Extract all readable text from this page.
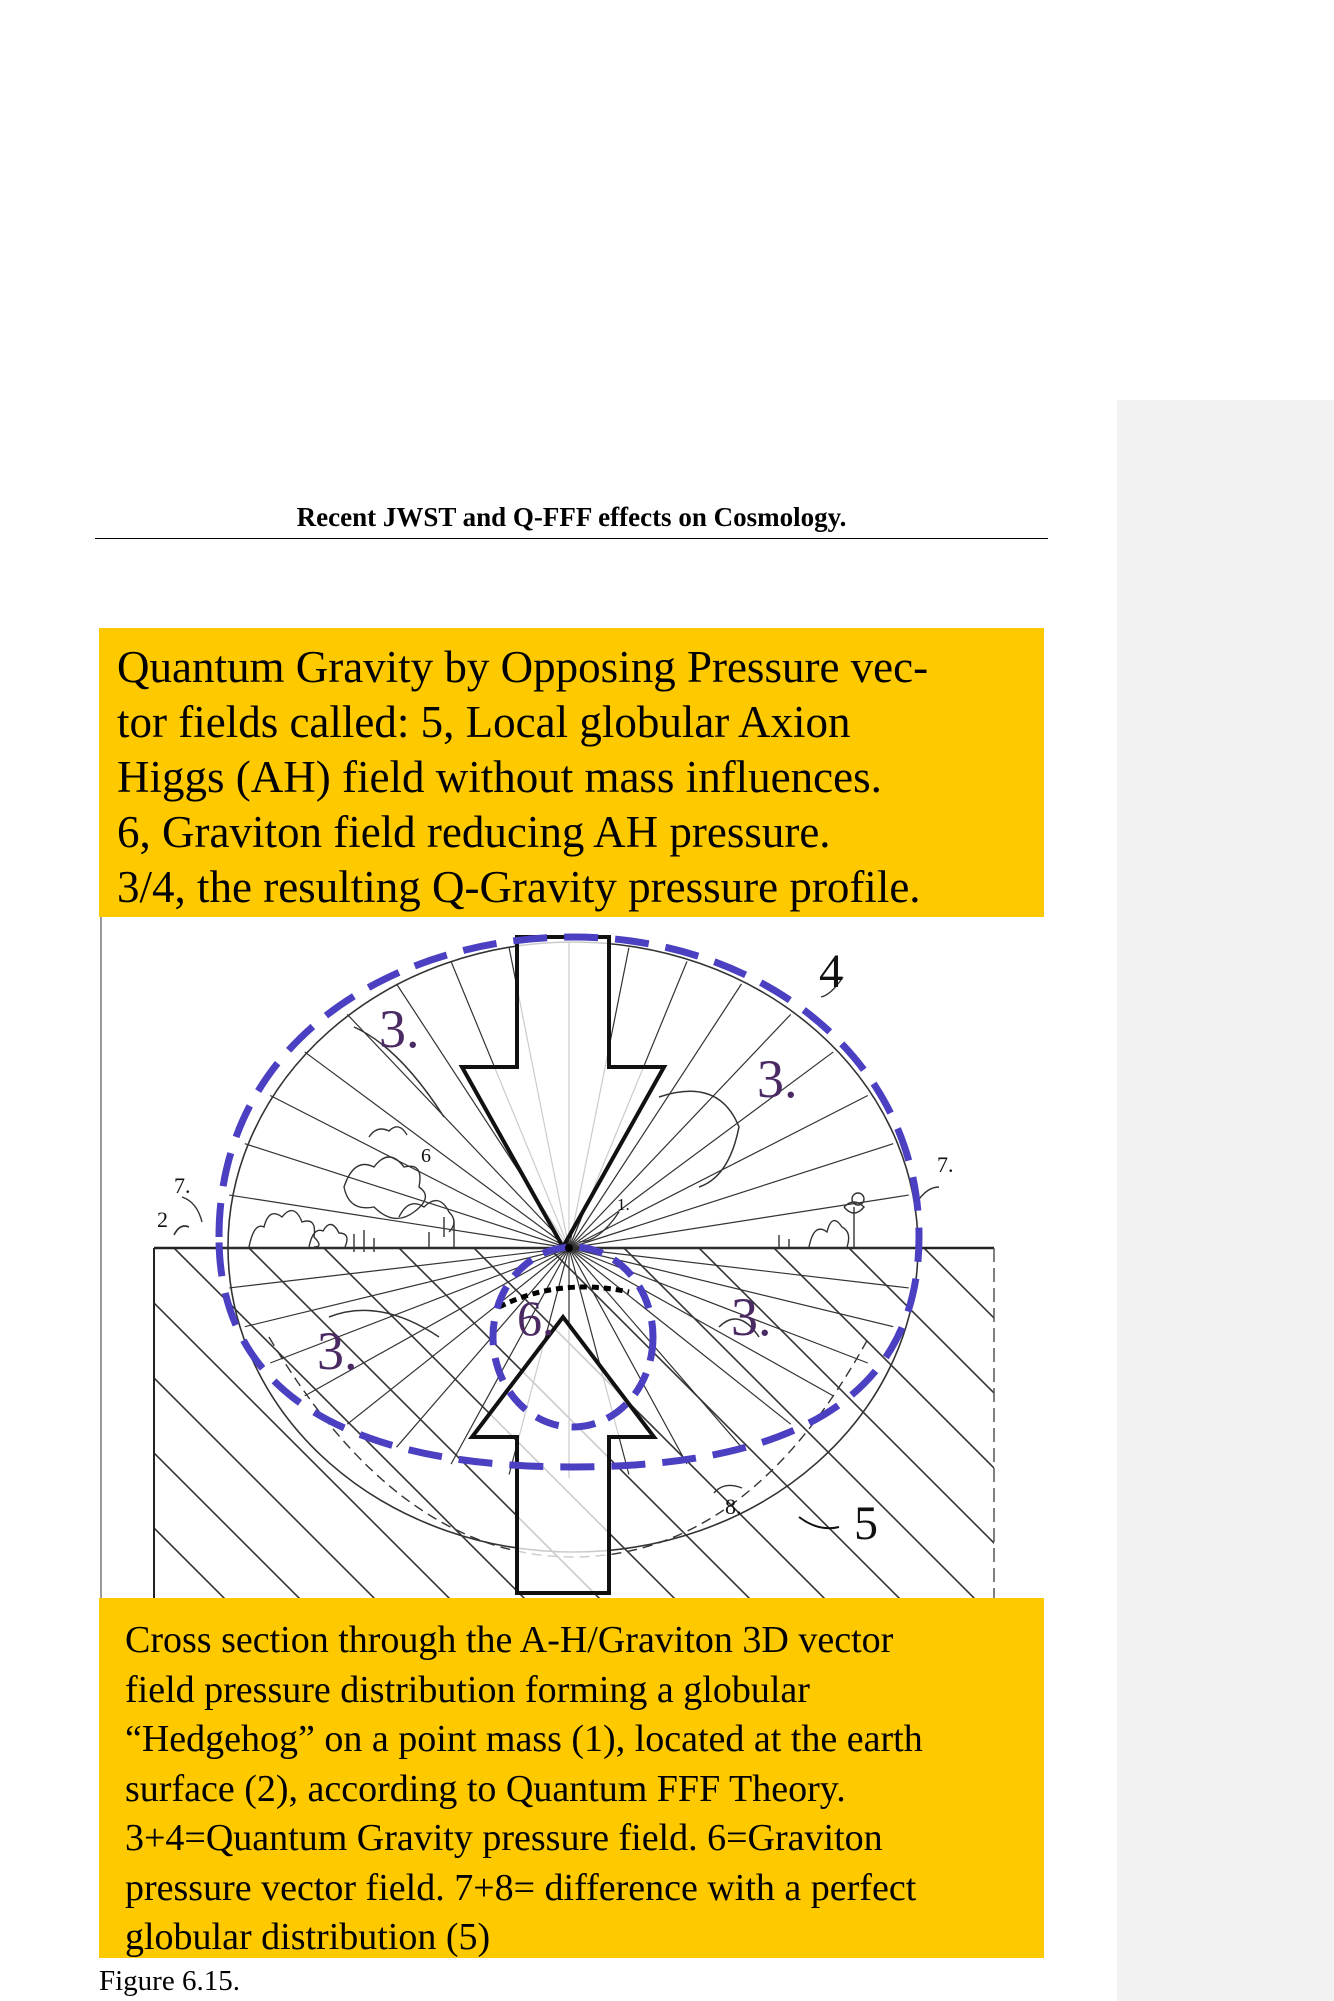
Recent JWST and Q-FFF effects on Cosmology.
Quantum Gravity by Opposing Pressure vec-
tor fields called: 5, Local globular Axion
Higgs (AH) field without mass influences.
6, Graviton field reducing AH pressure.
3/4, the resulting Q-Gravity pressure profile.
4
5
3.
3.
3.
3.
6.
6
7.
7.
2
1.
8.
Cross section through the A-H/Graviton 3D vector
field pressure distribution forming a globular
“Hedgehog” on a point mass (1), located at the earth
surface (2), according to Quantum FFF Theory.
3+4=Quantum Gravity pressure field. 6=Graviton
pressure vector field. 7+8= difference with a perfect
globular distribution (5)
Figure 6.15.
